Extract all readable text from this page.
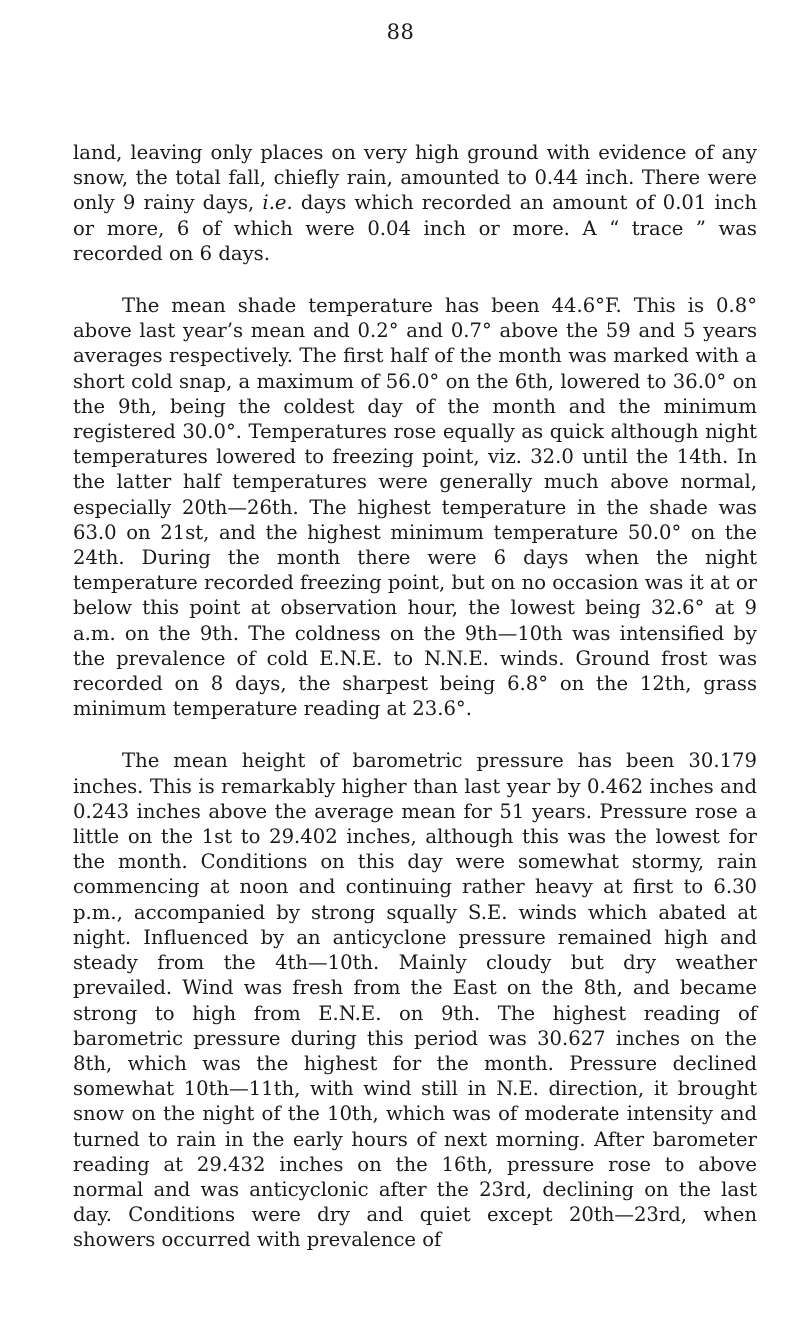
88

land, leaving only places on very high ground with evidence of any snow, the total fall, chiefly rain, amounted to 0.44 inch. There were only 9 rainy days, i.e. days which recorded an amount of 0.01 inch or more, 6 of which were 0.04 inch or more. A “ trace ” was recorded on 6 days.

The mean shade temperature has been 44.6°F. This is 0.8° above last year’s mean and 0.2° and 0.7° above the 59 and 5 years averages respectively. The first half of the month was marked with a short cold snap, a maximum of 56.0° on the 6th, lowered to 36.0° on the 9th, being the coldest day of the month and the minimum registered 30.0°. Temperatures rose equally as quick although night temperatures lowered to freezing point, viz. 32.0 until the 14th. In the latter half temperatures were generally much above normal, especially 20th—26th. The highest temperature in the shade was 63.0 on 21st, and the highest minimum temperature 50.0° on the 24th. During the month there were 6 days when the night temperature recorded freezing point, but on no occasion was it at or below this point at observation hour, the lowest being 32.6° at 9 a.m. on the 9th. The coldness on the 9th—10th was intensified by the prevalence of cold E.N.E. to N.N.E. winds. Ground frost was recorded on 8 days, the sharpest being 6.8° on the 12th, grass minimum temperature reading at 23.6°.

The mean height of barometric pressure has been 30.179 inches. This is remarkably higher than last year by 0.462 inches and 0.243 inches above the average mean for 51 years. Pressure rose a little on the 1st to 29.402 inches, although this was the lowest for the month. Conditions on this day were somewhat stormy, rain commencing at noon and continuing rather heavy at first to 6.30 p.m., accompanied by strong squally S.E. winds which abated at night. Influenced by an anticyclone pressure remained high and steady from the 4th—10th. Mainly cloudy but dry weather prevailed. Wind was fresh from the East on the 8th, and became strong to high from E.N.E. on 9th. The highest reading of barometric pressure during this period was 30.627 inches on the 8th, which was the highest for the month. Pressure declined somewhat 10th—11th, with wind still in N.E. direction, it brought snow on the night of the 10th, which was of moderate intensity and turned to rain in the early hours of next morning. After barometer reading at 29.432 inches on the 16th, pressure rose to above normal and was anticyclonic after the 23rd, declining on the last day. Conditions were dry and quiet except 20th—23rd, when showers occurred with prevalence of
